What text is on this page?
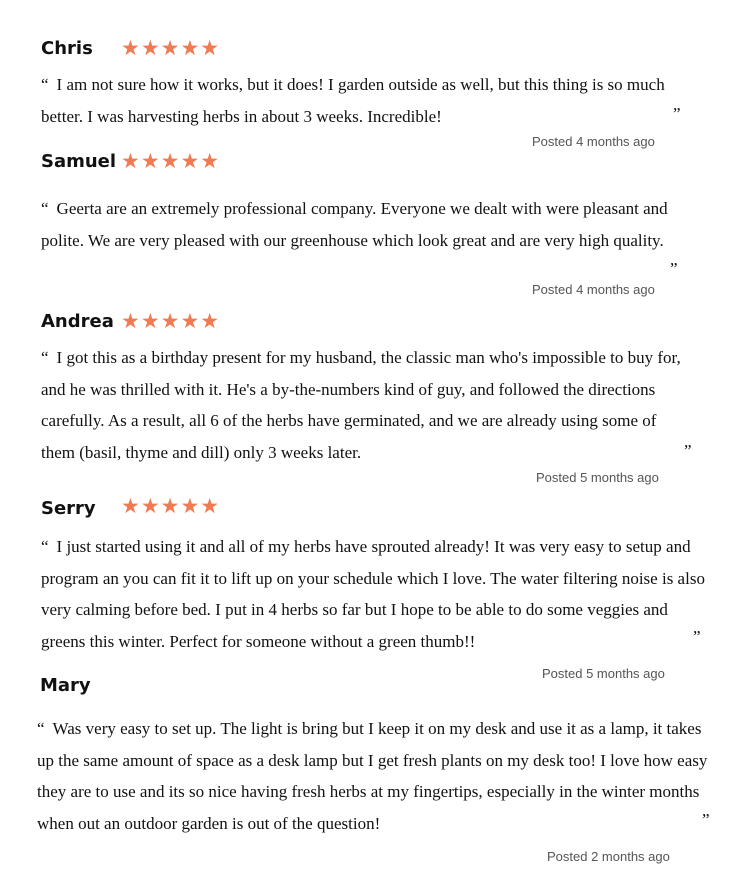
Chris ★★★★★

“ I am not sure how it works, but it does! I garden outside as well, but this thing is so much better. I was harvesting herbs in about 3 weeks. Incredible!	”
Posted 4 months ago
Samuel ★★★★★

“ Geerta are an extremely professional company. Everyone we dealt with were pleasant and polite. We are very pleased with our greenhouse which look great and are very high quality.

”
Posted 4 months ago
Andrea ★★★★★

“ I got this as a birthday present for my husband, the classic man who's impossible to buy for, and he was thrilled with it. He's a by-the-numbers kind of guy, and followed the directions carefully. As a result, all 6 of the herbs have germinated, and we are already using some of them (basil, thyme and dill) only 3 weeks later.	”
Posted 5 months ago
Serry ★★★★★

“ I just started using it and all of my herbs have sprouted already! It was very easy to setup and program an you can fit it to lift up on your schedule which I love. The water filtering noise is also very calming before bed. I put in 4 herbs so far but I hope to be able to do some veggies and greens this winter. Perfect for someone without a green thumb!!	”
Posted 5 months ago
Mary

“ Was very easy to set up. The light is bring but I keep it on my desk and use it as a lamp, it takes up the same amount of space as a desk lamp but I get fresh plants on my desk too! I love how easy they are to use and its so nice having fresh herbs at my fingertips, especially in the winter months when out an outdoor garden is out of the question!	”
Posted 2 months ago
